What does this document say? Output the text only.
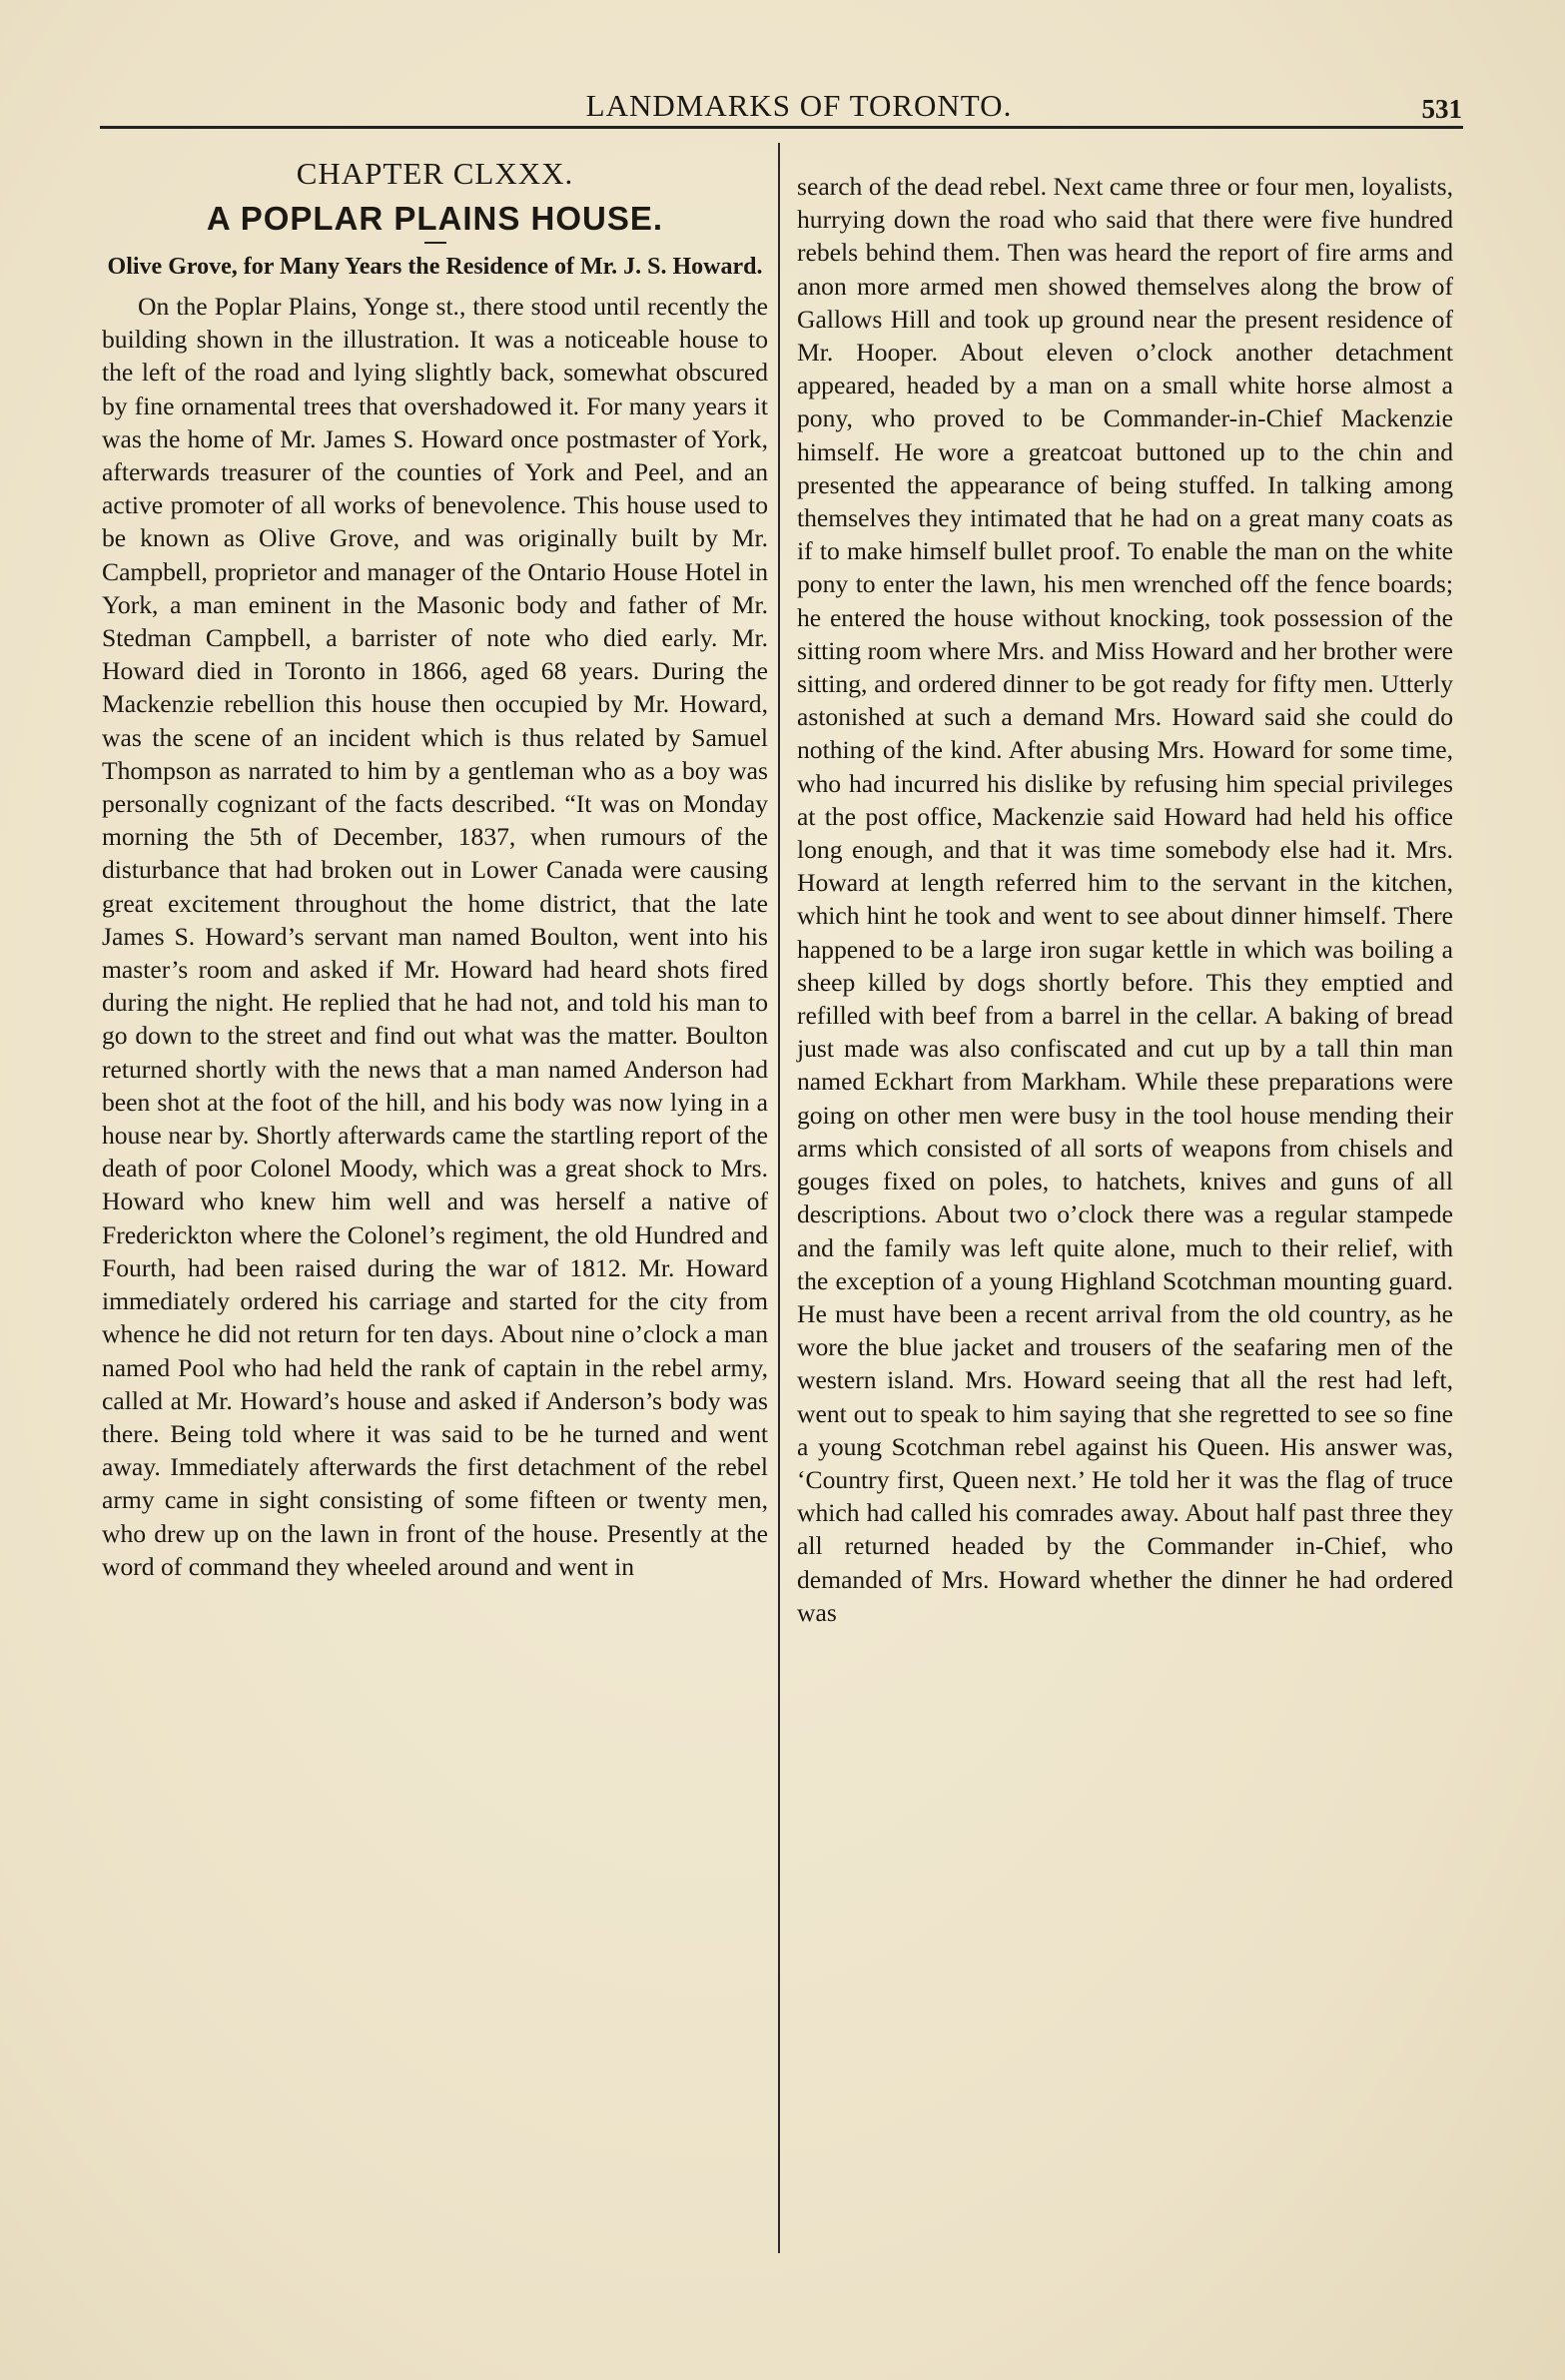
LANDMARKS OF TORONTO.	531
CHAPTER CLXXX.
A POPLAR PLAINS HOUSE.
Olive Grove, for Many Years the Residence of Mr. J. S. Howard.

On the Poplar Plains, Yonge st., there stood until recently the building shown in the illustration. It was a noticeable house to the left of the road and lying slightly back, somewhat obscured by fine ornamental trees that overshadowed it. For many years it was the home of Mr. James S. Howard once postmaster of York, afterwards treasurer of the counties of York and Peel, and an active promoter of all works of benevolence. This house used to be known as Olive Grove, and was originally built by Mr. Campbell, proprietor and manager of the Ontario House Hotel in York, a man eminent in the Masonic body and father of Mr. Stedman Campbell, a barrister of note who died early. Mr. Howard died in Toronto in 1866, aged 68 years. During the Mackenzie rebellion this house then occupied by Mr. Howard, was the scene of an incident which is thus related by Samuel Thompson as narrated to him by a gentleman who as a boy was personally cognizant of the facts described. “It was on Monday morning the 5th of December, 1837, when rumours of the disturbance that had broken out in Lower Canada were causing great excitement throughout the home district, that the late James S. Howard’s servant man named Boulton, went into his master’s room and asked if Mr. Howard had heard shots fired during the night. He replied that he had not, and told his man to go down to the street and find out what was the matter. Boulton returned shortly with the news that a man named Anderson had been shot at the foot of the hill, and his body was now lying in a house near by. Shortly afterwards came the startling report of the death of poor Colonel Moody, which was a great shock to Mrs. Howard who knew him well and was herself a native of Frederickton where the Colonel’s regiment, the old Hundred and Fourth, had been raised during the war of 1812. Mr. Howard immediately ordered his carriage and started for the city from whence he did not return for ten days. About nine o’clock a man named Pool who had held the rank of captain in the rebel army, called at Mr. Howard’s house and asked if Anderson’s body was there. Being told where it was said to be he turned and went away. Immediately afterwards the first detachment of the rebel army came in sight consisting of some fifteen or twenty men, who drew up on the lawn in front of the house. Presently at the word of command they wheeled around and went in

search of the dead rebel. Next came three or four men, loyalists, hurrying down the road who said that there were five hundred rebels behind them. Then was heard the report of fire arms and anon more armed men showed themselves along the brow of Gallows Hill and took up ground near the present residence of Mr. Hooper. About eleven o’clock another detachment appeared, headed by a man on a small white horse almost a pony, who proved to be Commander-in-Chief Mackenzie himself. He wore a greatcoat buttoned up to the chin and presented the appearance of being stuffed. In talking among themselves they intimated that he had on a great many coats as if to make himself bullet proof. To enable the man on the white pony to enter the lawn, his men wrenched off the fence boards; he entered the house without knocking, took possession of the sitting room where Mrs. and Miss Howard and her brother were sitting, and ordered dinner to be got ready for fifty men. Utterly astonished at such a demand Mrs. Howard said she could do nothing of the kind. After abusing Mrs. Howard for some time, who had incurred his dislike by refusing him special privileges at the post office, Mackenzie said Howard had held his office long enough, and that it was time somebody else had it. Mrs. Howard at length referred him to the servant in the kitchen, which hint he took and went to see about dinner himself. There happened to be a large iron sugar kettle in which was boiling a sheep killed by dogs shortly before. This they emptied and refilled with beef from a barrel in the cellar. A baking of bread just made was also confiscated and cut up by a tall thin man named Eckhart from Markham. While these preparations were going on other men were busy in the tool house mending their arms which consisted of all sorts of weapons from chisels and gouges fixed on poles, to hatchets, knives and guns of all descriptions. About two o’clock there was a regular stampede and the family was left quite alone, much to their relief, with the exception of a young Highland Scotchman mounting guard. He must have been a recent arrival from the old country, as he wore the blue jacket and trousers of the seafaring men of the western island. Mrs. Howard seeing that all the rest had left, went out to speak to him saying that she regretted to see so fine a young Scotchman rebel against his Queen. His answer was, ‘Country first, Queen next.’ He told her it was the flag of truce which had called his comrades away. About half past three they all returned headed by the Commander in-Chief, who demanded of Mrs. Howard whether the dinner he had ordered was
